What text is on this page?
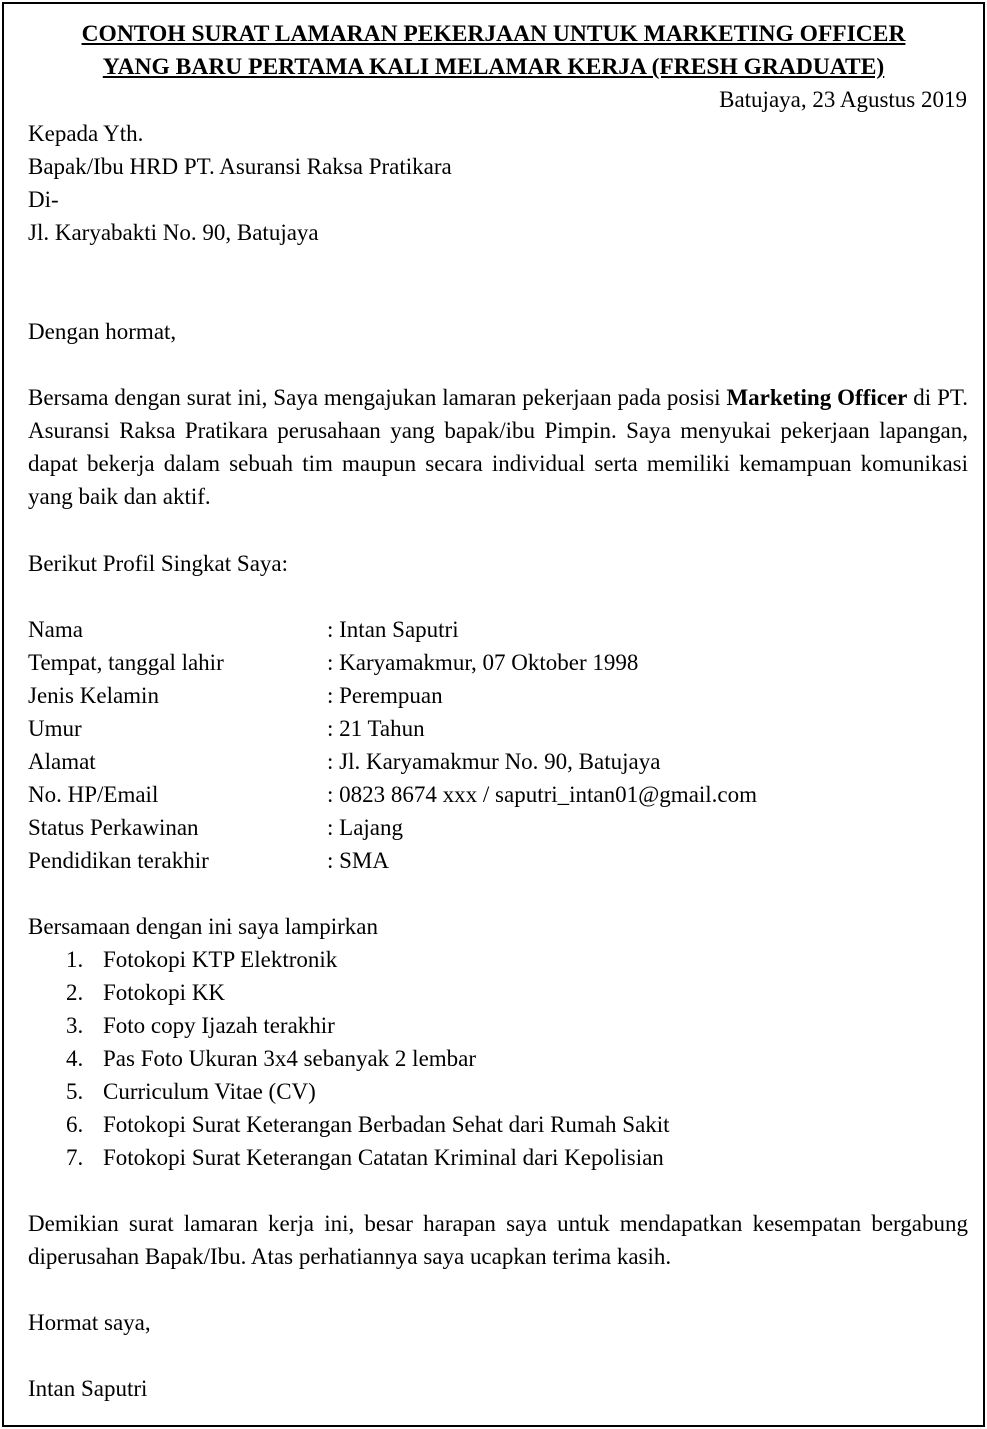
CONTOH SURAT LAMARAN PEKERJAAN UNTUK MARKETING OFFICER
YANG BARU PERTAMA KALI MELAMAR KERJA (FRESH GRADUATE)
Batujaya, 23 Agustus 2019
Kepada Yth.
Bapak/Ibu HRD PT. Asuransi Raksa Pratikara
Di-
Jl. Karyabakti No. 90, Batujaya
Dengan hormat,
Bersama dengan surat ini, Saya mengajukan lamaran pekerjaan pada posisi Marketing Officer di PT. Asuransi Raksa Pratikara perusahaan yang bapak/ibu Pimpin. Saya menyukai pekerjaan lapangan, dapat bekerja dalam sebuah tim maupun secara individual serta memiliki kemampuan komunikasi yang baik dan aktif.
Berikut Profil Singkat Saya:
Nama	: Intan Saputri
Tempat, tanggal lahir	: Karyamakmur, 07 Oktober 1998
Jenis Kelamin	: Perempuan
Umur	: 21 Tahun
Alamat	: Jl. Karyamakmur No. 90, Batujaya
No. HP/Email	: 0823 8674 xxx / saputri_intan01@gmail.com
Status Perkawinan	: Lajang
Pendidikan terakhir	: SMA
Bersamaan dengan ini saya lampirkan
1. Fotokopi KTP Elektronik
2. Fotokopi KK
3. Foto copy Ijazah terakhir
4. Pas Foto Ukuran 3x4 sebanyak 2 lembar
5. Curriculum Vitae (CV)
6. Fotokopi Surat Keterangan Berbadan Sehat dari Rumah Sakit
7. Fotokopi Surat Keterangan Catatan Kriminal dari Kepolisian
Demikian surat lamaran kerja ini, besar harapan saya untuk mendapatkan kesempatan bergabung diperusahan Bapak/Ibu. Atas perhatiannya saya ucapkan terima kasih.
Hormat saya,
Intan Saputri
